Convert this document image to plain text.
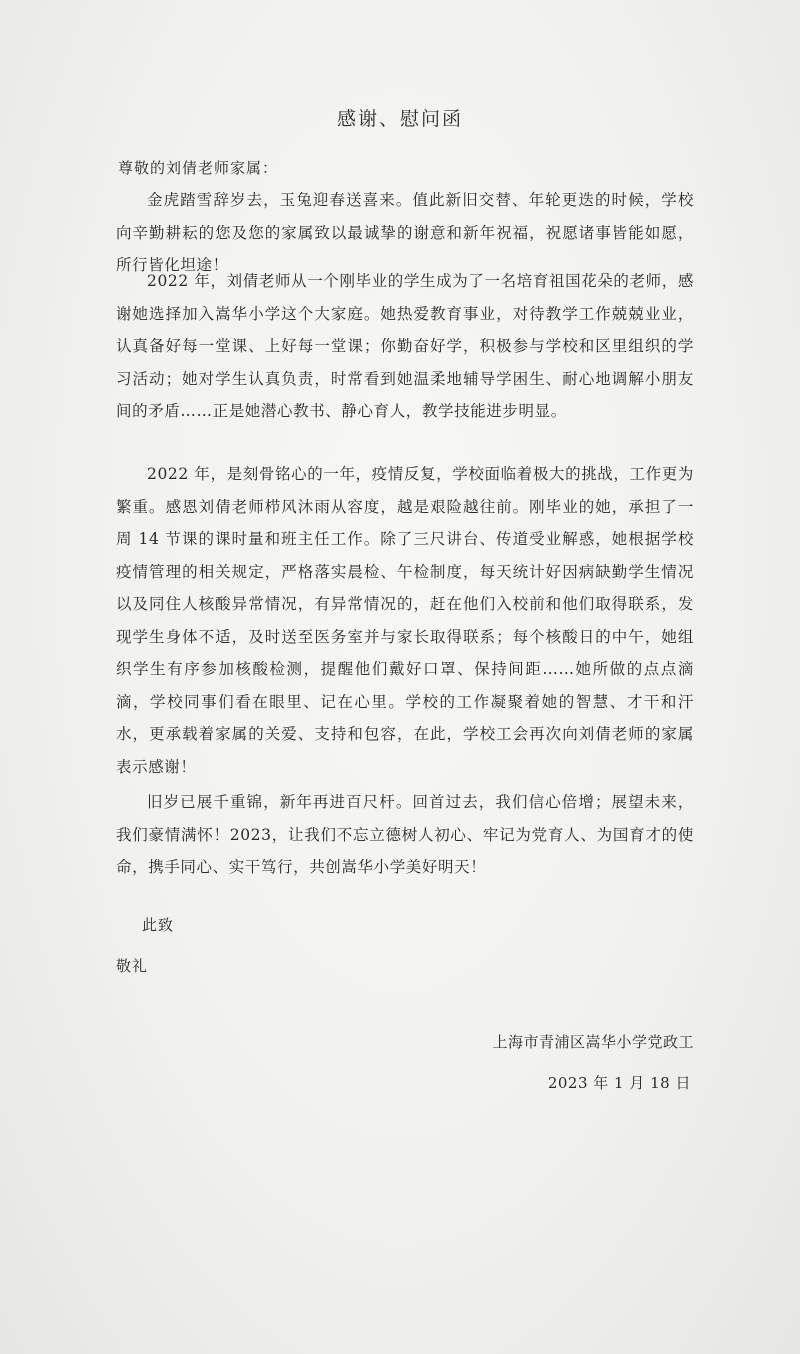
感谢、慰问函
尊敬的刘倩老师家属：

金虎踏雪辞岁去，玉兔迎春送喜来。值此新旧交替、年轮更迭的时候，学校向辛勤耕耘的您及您的家属致以最诚挚的谢意和新年祝福，祝愿诸事皆能如愿，所行皆化坦途！

2022 年，刘倩老师从一个刚毕业的学生成为了一名培育祖国花朵的老师，感谢她选择加入嵩华小学这个大家庭。她热爱教育事业，对待教学工作兢兢业业，认真备好每一堂课、上好每一堂课；你勤奋好学，积极参与学校和区里组织的学习活动；她对学生认真负责，时常看到她温柔地辅导学困生、耐心地调解小朋友间的矛盾……正是她潜心教书、静心育人，教学技能进步明显。

2022 年，是刻骨铭心的一年，疫情反复，学校面临着极大的挑战，工作更为繁重。感恩刘倩老师栉风沐雨从容度，越是艰险越往前。刚毕业的她，承担了一周 14 节课的课时量和班主任工作。除了三尺讲台、传道受业解惑，她根据学校疫情管理的相关规定，严格落实晨检、午检制度，每天统计好因病缺勤学生情况以及同住人核酸异常情况，有异常情况的，赶在他们入校前和他们取得联系，发现学生身体不适，及时送至医务室并与家长取得联系；每个核酸日的中午，她组织学生有序参加核酸检测，提醒他们戴好口罩、保持间距……她所做的点点滴滴，学校同事们看在眼里、记在心里。学校的工作凝聚着她的智慧、才干和汗水，更承载着家属的关爱、支持和包容，在此，学校工会再次向刘倩老师的家属表示感谢！

旧岁已展千重锦，新年再进百尺杆。回首过去，我们信心倍增；展望未来，我们豪情满怀！2023，让我们不忘立德树人初心、牢记为党育人、为国育才的使命，携手同心、实干笃行，共创嵩华小学美好明天！

此致
敬礼
上海市青浦区嵩华小学党政工
2023 年 1 月 18 日
